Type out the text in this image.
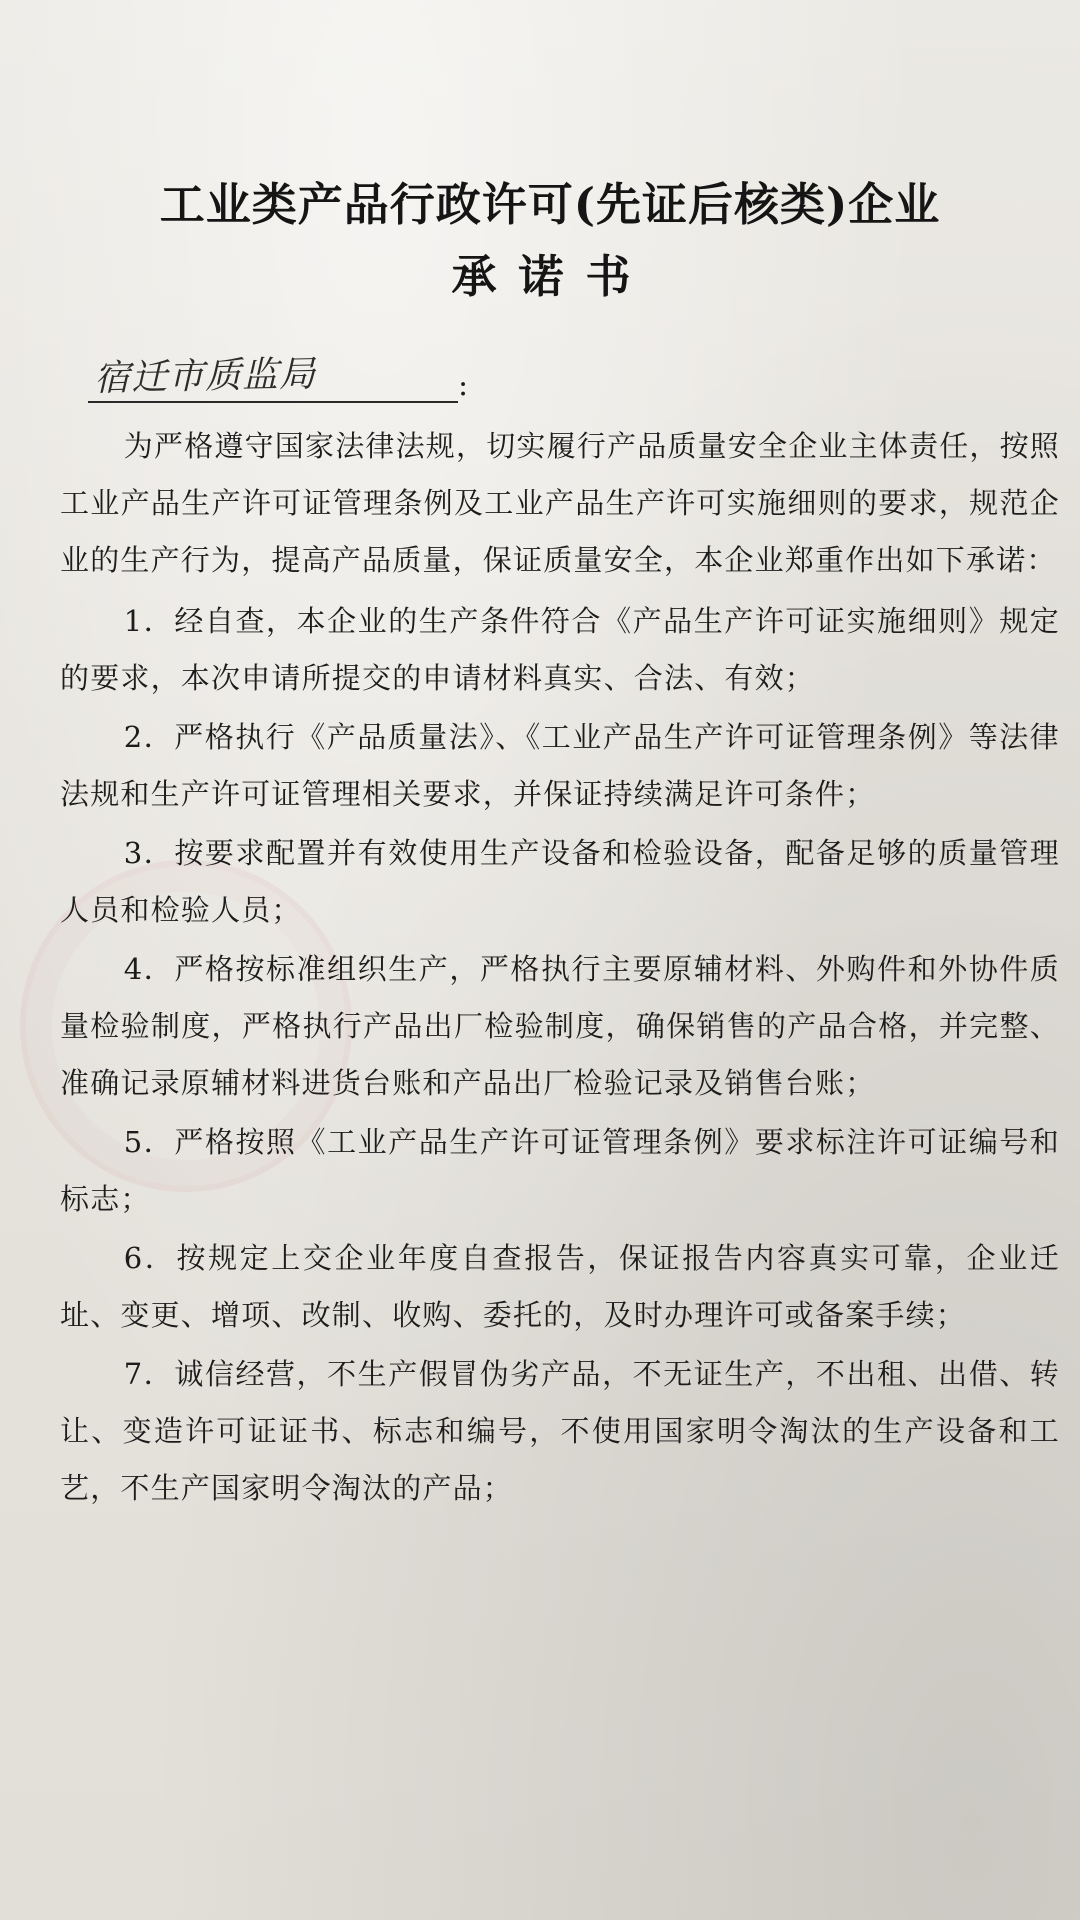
工业类产品行政许可(先证后核类)企业
承诺书
宿迁市质监局	:

为严格遵守国家法律法规，切实履行产品质量安全企业主体责任，按照工业产品生产许可证管理条例及工业产品生产许可实施细则的要求，规范企业的生产行为，提高产品质量，保证质量安全，本企业郑重作出如下承诺：

1．经自查，本企业的生产条件符合《产品生产许可证实施细则》规定的要求，本次申请所提交的申请材料真实、合法、有效；

2．严格执行《产品质量法》、《工业产品生产许可证管理条例》等法律法规和生产许可证管理相关要求，并保证持续满足许可条件；

3．按要求配置并有效使用生产设备和检验设备，配备足够的质量管理人员和检验人员；

4．严格按标准组织生产，严格执行主要原辅材料、外购件和外协件质量检验制度，严格执行产品出厂检验制度，确保销售的产品合格，并完整、准确记录原辅材料进货台账和产品出厂检验记录及销售台账；

5．严格按照《工业产品生产许可证管理条例》要求标注许可证编号和标志；

6．按规定上交企业年度自查报告，保证报告内容真实可靠，企业迁址、变更、增项、改制、收购、委托的，及时办理许可或备案手续；

7．诚信经营，不生产假冒伪劣产品，不无证生产，不出租、出借、转让、变造许可证证书、标志和编号，不使用国家明令淘汰的生产设备和工艺，不生产国家明令淘汰的产品；
